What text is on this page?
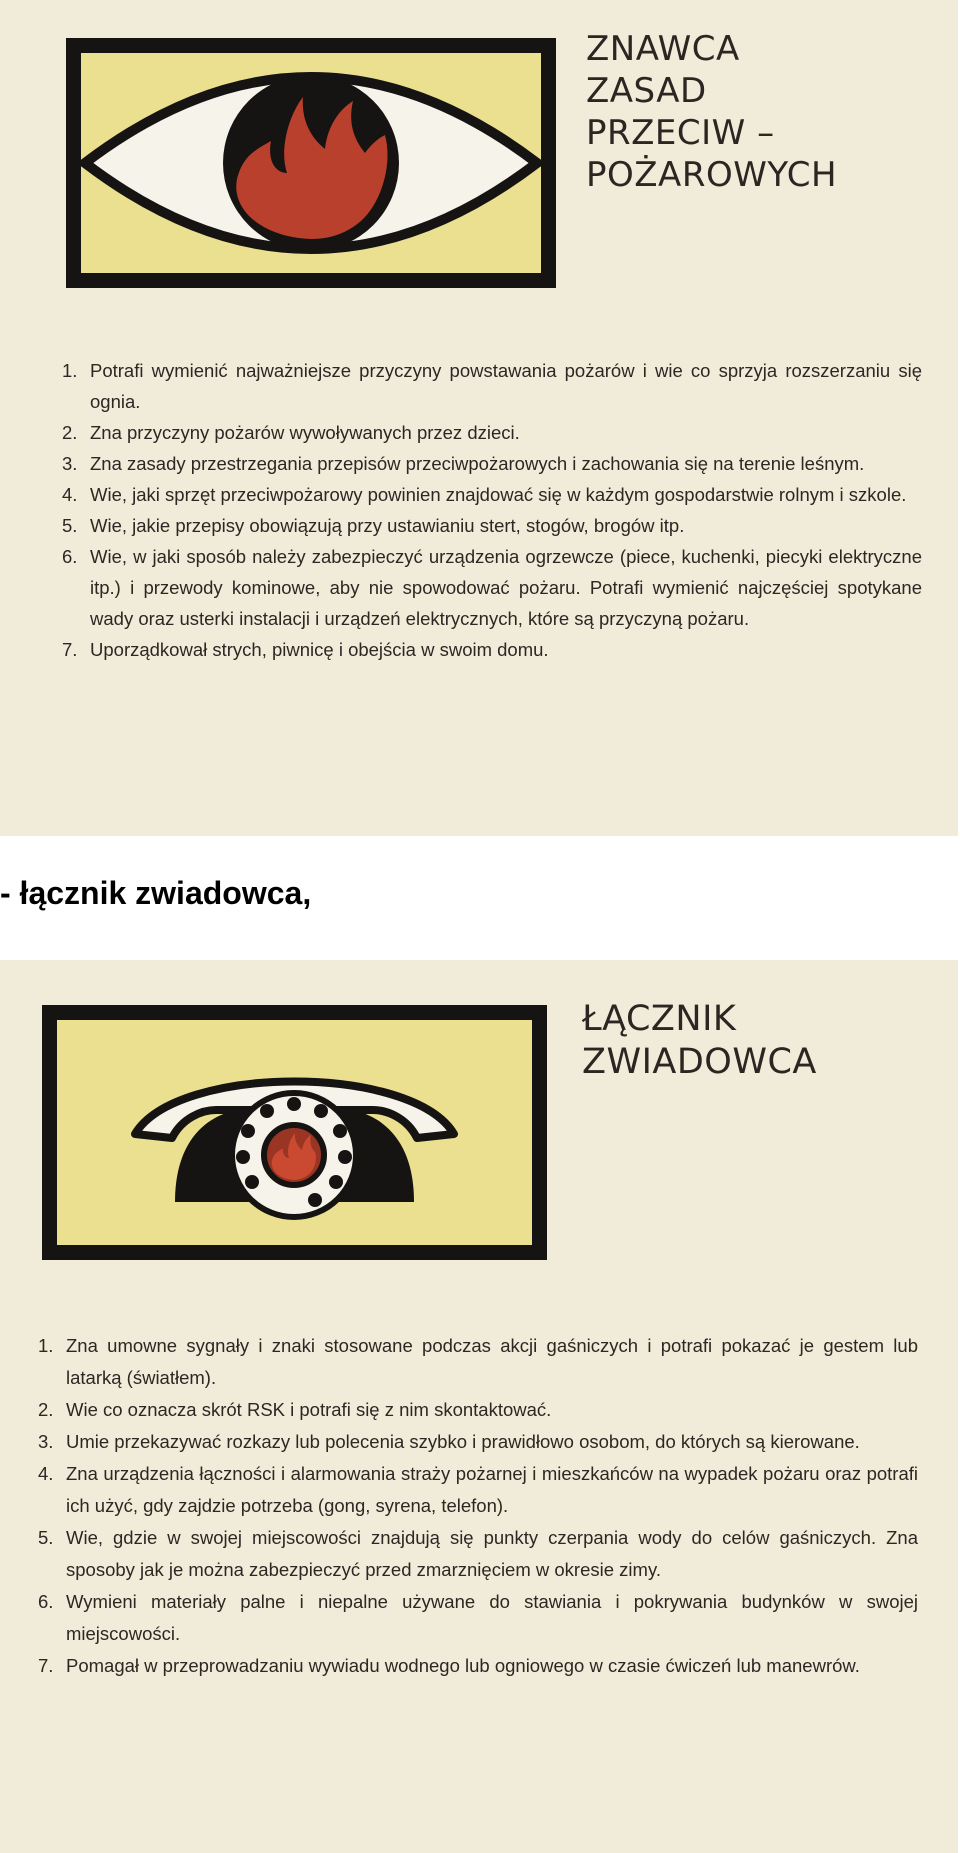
ZNAWCA
ZASAD
PRZECIW –
POŻAROWYCH
1. Potrafi wymienić najważniejsze przyczyny powstawania pożarów i wie co sprzyja rozszerzaniu się ognia.
2. Zna przyczyny pożarów wywoływanych przez dzieci.
3. Zna zasady przestrzegania przepisów przeciwpożarowych i zachowania się na terenie leśnym.
4. Wie, jaki sprzęt przeciwpożarowy powinien znajdować się w każdym gospodarstwie rolnym i szkole.
5. Wie, jakie przepisy obowiązują przy ustawianiu stert, stogów, brogów itp.
6. Wie, w jaki sposób należy zabezpieczyć urządzenia ogrzewcze (piece, kuchenki, piecyki elektryczne itp.) i przewody kominowe, aby nie spowodować pożaru. Potrafi wymienić najczęściej spotykane wady oraz usterki instalacji i urządzeń elektrycznych, które są przyczyną pożaru.
7. Uporządkował strych, piwnicę i obejścia w swoim domu.

- łącznik zwiadowca,

ŁĄCZNIK
ZWIADOWCA
1. Zna umowne sygnały i znaki stosowane podczas akcji gaśniczych i potrafi pokazać je gestem lub latarką (światłem).
2. Wie co oznacza skrót RSK i potrafi się z nim skontaktować.
3. Umie przekazywać rozkazy lub polecenia szybko i prawidłowo osobom, do których są kierowane.
4. Zna urządzenia łączności i alarmowania straży pożarnej i mieszkańców na wypadek pożaru oraz potrafi ich użyć, gdy zajdzie potrzeba (gong, syrena, telefon).
5. Wie, gdzie w swojej miejscowości znajdują się punkty czerpania wody do celów gaśniczych. Zna sposoby jak je można zabezpieczyć przed zmarznięciem w okresie zimy.
6. Wymieni materiały palne i niepalne używane do stawiania i pokrywania budynków w swojej miejscowości.
7. Pomagał w przeprowadzaniu wywiadu wodnego lub ogniowego w czasie ćwiczeń lub manewrów.
